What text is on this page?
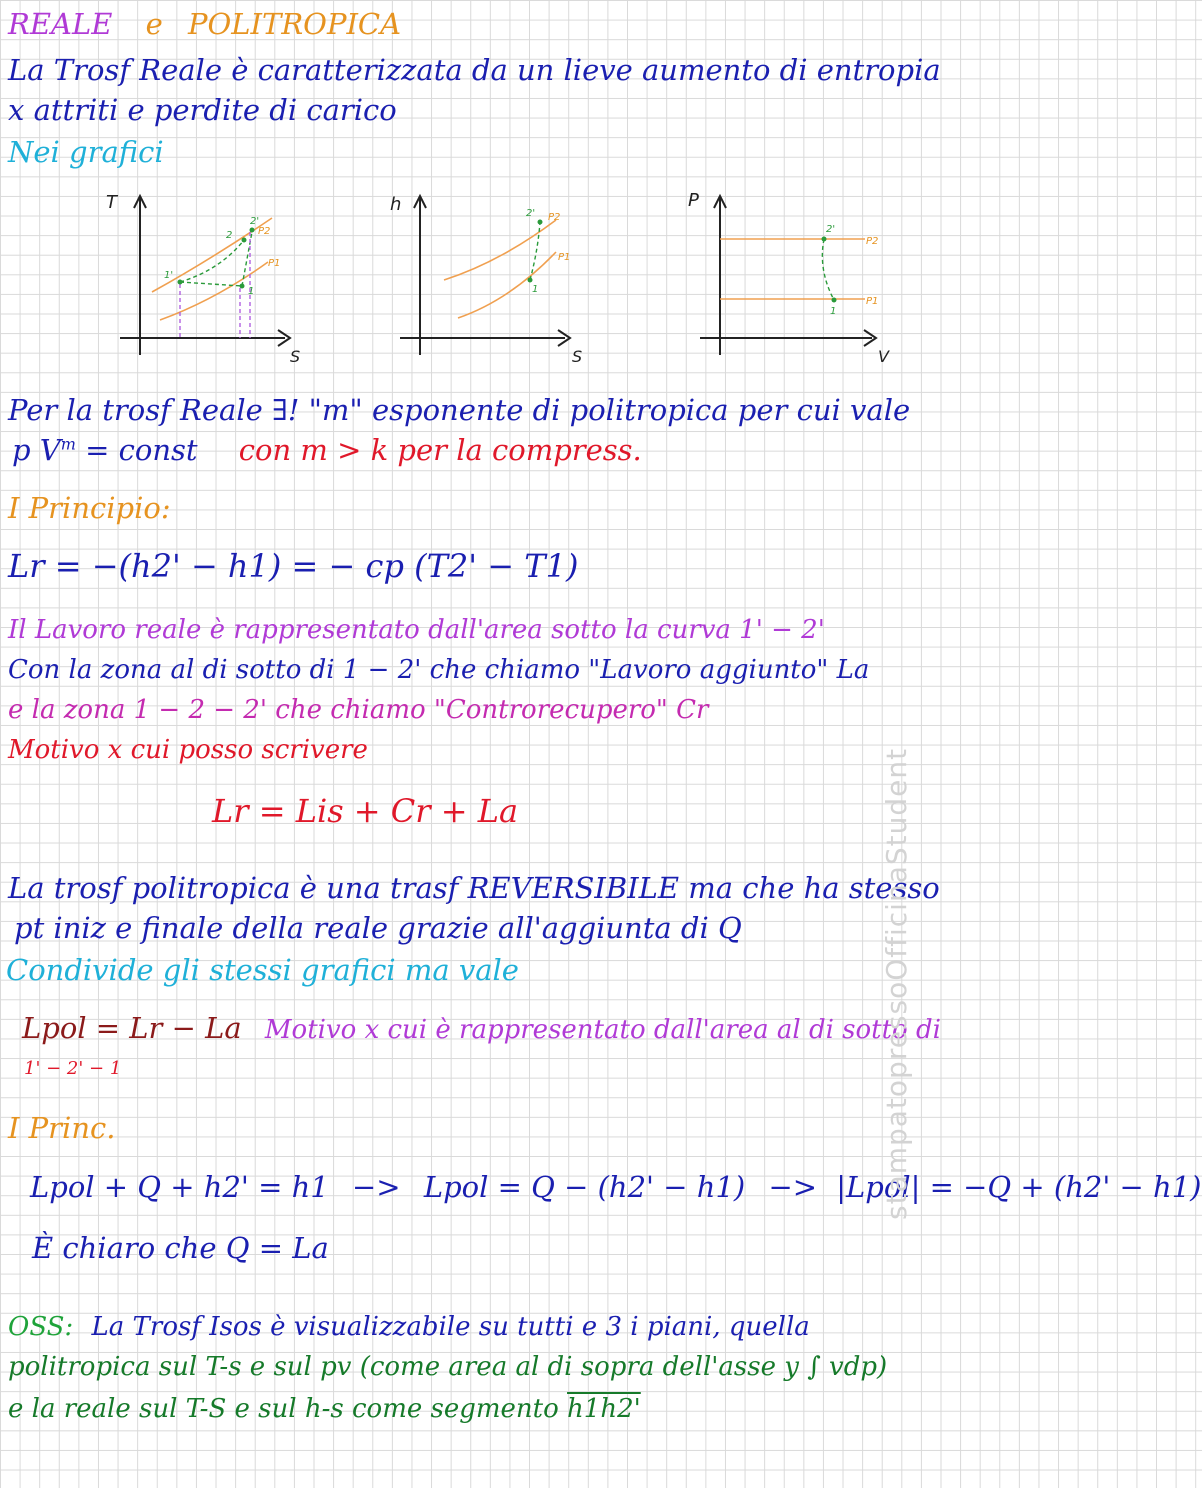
REALE e POLITROPICA
La Trosf Reale è caratterizzata da un lieve aumento di entropia
x attriti e perdite di carico
Nei grafici
T
S
1'
1
2
2'
P2
P1
h
S
1
2' P2
P1
P
V
2'
1
P2
P1
Per la trosf Reale ∃! "m" esponente di politropica per cui vale
p $V^m$ = const con m > k per la compress.
I Principio:
Lr = −(h2' − h1) = − cp (T2' − T1)
Il Lavoro reale è rappresentato dall'area sotto la curva 1' − 2'
Con la zona al di sotto di 1 − 2' che chiamo "Lavoro aggiunto" La
e la zona 1 − 2 − 2' che chiamo "Controrecupero" Cr
Motivo x cui posso scrivere
Lr = Lis + Cr + La
La trosf politropica è una trasf REVERSIBILE ma che ha stesso
pt iniz e finale della reale grazie all'aggiunta di Q
Condivide gli stessi grafici ma vale
Lpol = Lr − La Motivo x cui è rappresentato dall'area al di sotto di
1' − 2' − 1
I Princ.
Lpol + Q + h2' = h1 −> Lpol = Q − (h2' − h1) −> |Lpol| = −Q + (h2' − h1)
È chiaro che Q = La
OSS: La Trosf Isos è visualizzabile su tutti e 3 i piani, quella
politropica sul T-s e sul pv (come area al di sopra dell'asse y ∫ vdp)
e la reale sul T-S e sul h-s come segmento h1h2'
stampatopressoOfficinaStudent
